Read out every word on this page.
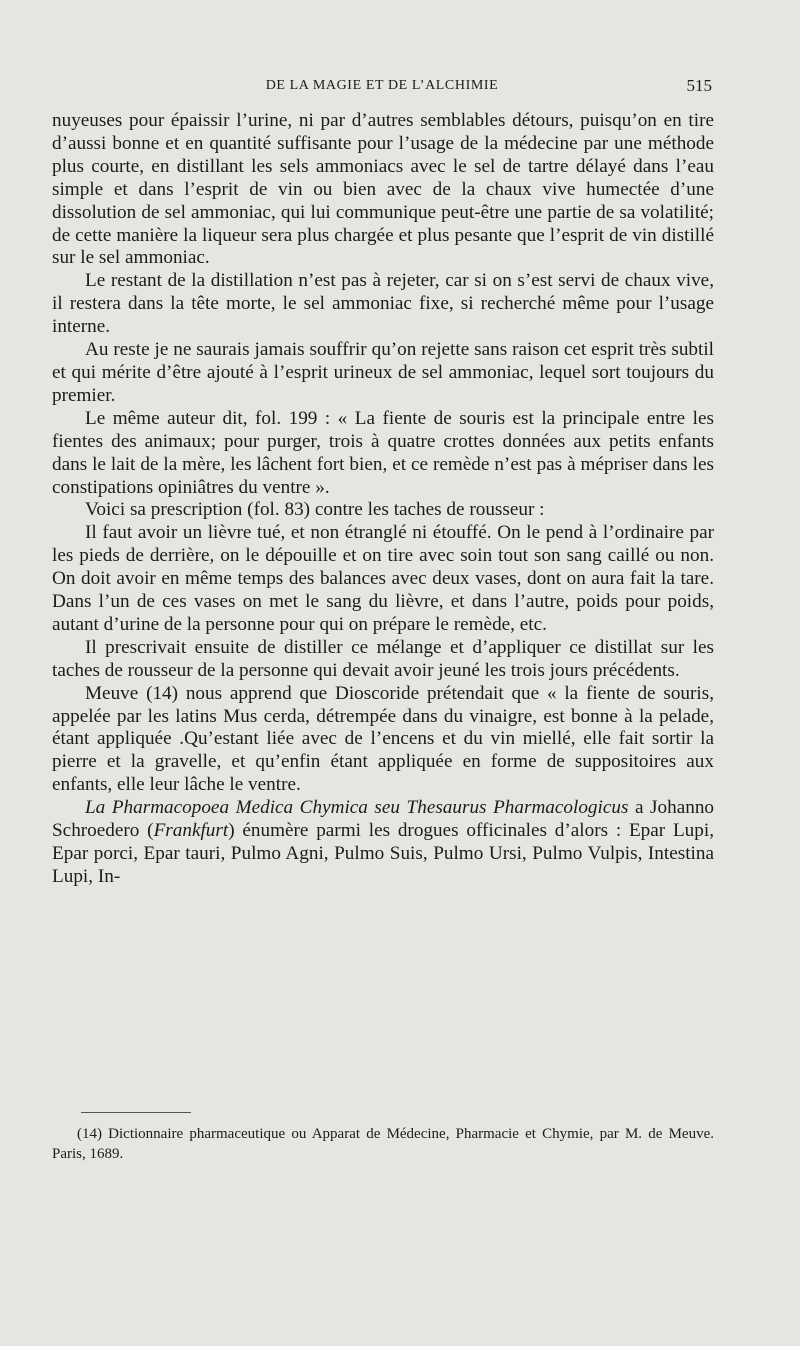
DE LA MAGIE ET DE L’ALCHIMIE	515

nuyeuses pour épaissir l’urine, ni par d’autres semblables détours, puisqu’on en tire d’aussi bonne et en quantité suffisante pour l’usage de la médecine par une méthode plus courte, en distillant les sels ammoniacs avec le sel de tartre délayé dans l’eau simple et dans l’esprit de vin ou bien avec de la chaux vive humectée d’une dissolution de sel ammoniac, qui lui communique peut-être une partie de sa volatilité; de cette manière la liqueur sera plus chargée et plus pesante que l’esprit de vin distillé sur le sel ammoniac.

Le restant de la distillation n’est pas à rejeter, car si on s’est servi de chaux vive, il restera dans la tête morte, le sel ammoniac fixe, si recherché même pour l’usage interne.

Au reste je ne saurais jamais souffrir qu’on rejette sans raison cet esprit très subtil et qui mérite d’être ajouté à l’esprit urineux de sel ammoniac, lequel sort toujours du premier.

Le même auteur dit, fol. 199 : « La fiente de souris est la principale entre les fientes des animaux; pour purger, trois à quatre crottes données aux petits enfants dans le lait de la mère, les lâchent fort bien, et ce remède n’est pas à mépriser dans les constipations opiniâtres du ventre ».

Voici sa prescription (fol. 83) contre les taches de rousseur :

Il faut avoir un lièvre tué, et non étranglé ni étouffé. On le pend à l’ordinaire par les pieds de derrière, on le dépouille et on tire avec soin tout son sang caillé ou non. On doit avoir en même temps des balances avec deux vases, dont on aura fait la tare. Dans l’un de ces vases on met le sang du lièvre, et dans l’autre, poids pour poids, autant d’urine de la personne pour qui on prépare le remède, etc.

Il prescrivait ensuite de distiller ce mélange et d’appliquer ce distillat sur les taches de rousseur de la personne qui devait avoir jeuné les trois jours précédents.

Meuve (14) nous apprend que Dioscoride prétendait que « la fiente de souris, appelée par les latins Mus cerda, détrempée dans du vinaigre, est bonne à la pelade, étant appliquée .Qu’estant liée avec de l’encens et du vin miellé, elle fait sortir la pierre et la gravelle, et qu’enfin étant appliquée en forme de suppositoires aux enfants, elle leur lâche le ventre.

La Pharmacopoea Medica Chymica seu Thesaurus Pharmacologicus a Johanno Schroedero (Frankfurt) énumère parmi les drogues officinales d’alors : Epar Lupi, Epar porci, Epar tauri, Pulmo Agni, Pulmo Suis, Pulmo Ursi, Pulmo Vulpis, Intestina Lupi, In-

(14) Dictionnaire pharmaceutique ou Apparat de Médecine, Pharmacie et Chymie, par M. de Meuve. Paris, 1689.
